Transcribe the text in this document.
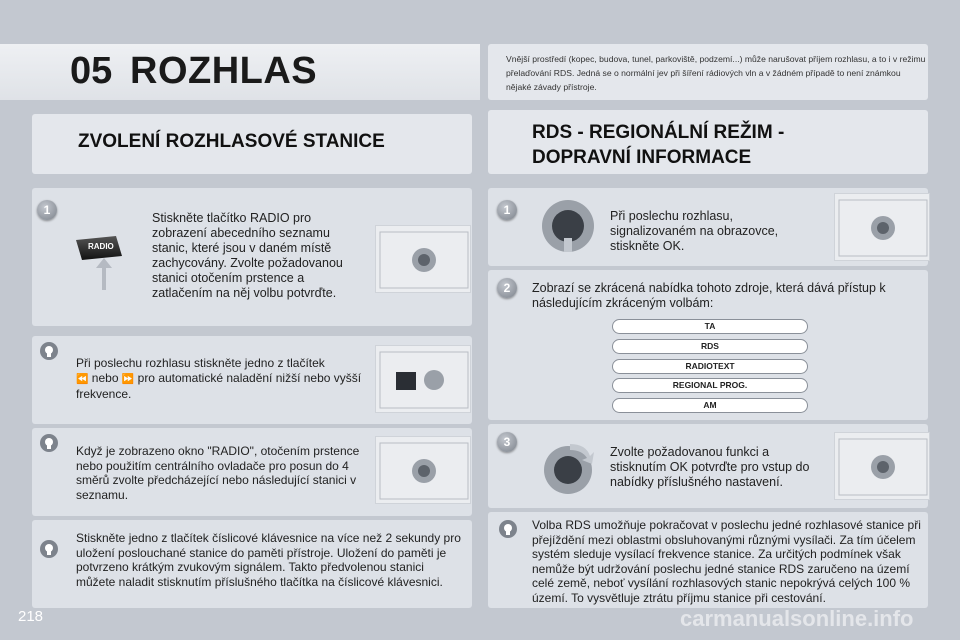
05 ROZHLAS	Vnější prostředí (kopec, budova, tunel, parkoviště, podzemí...) může narušovat příjem rozhlasu, a to i v režimu přelaďování RDS. Jedná se o normální jev při šíření rádiových vln a v žádném případě to není známkou nějaké závady přístroje.
ZVOLENÍ ROZHLASOVÉ STANICE	RDS - REGIONÁLNÍ REŽIM -
DOPRAVNÍ INFORMACE
1
RADIO
Stiskněte tlačítko RADIO pro zobrazení abecedního seznamu stanic, které jsou v daném místě zachycovány. Zvolte požadovanou stanici otočením prstence a zatlačením na něj volbu potvrďte.
Při poslechu rozhlasu stiskněte jedno z tlačítek
⏪ nebo ⏩ pro automatické naladění nižší nebo vyšší frekvence.
Když je zobrazeno okno "RADIO", otočením prstence nebo použitím centrálního ovladače pro posun do 4 směrů zvolte předcházející nebo následující stanici v seznamu.
Stiskněte jedno z tlačítek číslicové klávesnice na více než 2 sekundy pro uložení poslouchané stanice do paměti přístroje. Uložení do paměti je potvrzeno krátkým zvukovým signálem. Takto předvolenou stanici můžete naladit stisknutím příslušného tlačítka na číslicové klávesnici.
1	Při poslechu rozhlasu, signalizovaném na obrazovce, stiskněte OK.
2	Zobrazí se zkrácená nabídka tohoto zdroje, která dává přístup k následujícím zkráceným volbám:
TA
RDS
RADIOTEXT
REGIONAL PROG.
AM
3
Zvolte požadovanou funkci a stisknutím OK potvrďte pro vstup do nabídky příslušného nastavení.
Volba RDS umožňuje pokračovat v poslechu jedné rozhlasové stanice při přejíždění mezi oblastmi obsluhovanými různými vysílači. Za tím účelem systém sleduje vysílací frekvence stanice. Za určitých podmínek však nemůže být udržování poslechu jedné stanice RDS zaručeno na území celé země, neboť vysílání rozhlasových stanic nepokrývá celých 100 % území. To vysvětluje ztrátu příjmu stanice při cestování.
218	carmanualsonline.info
